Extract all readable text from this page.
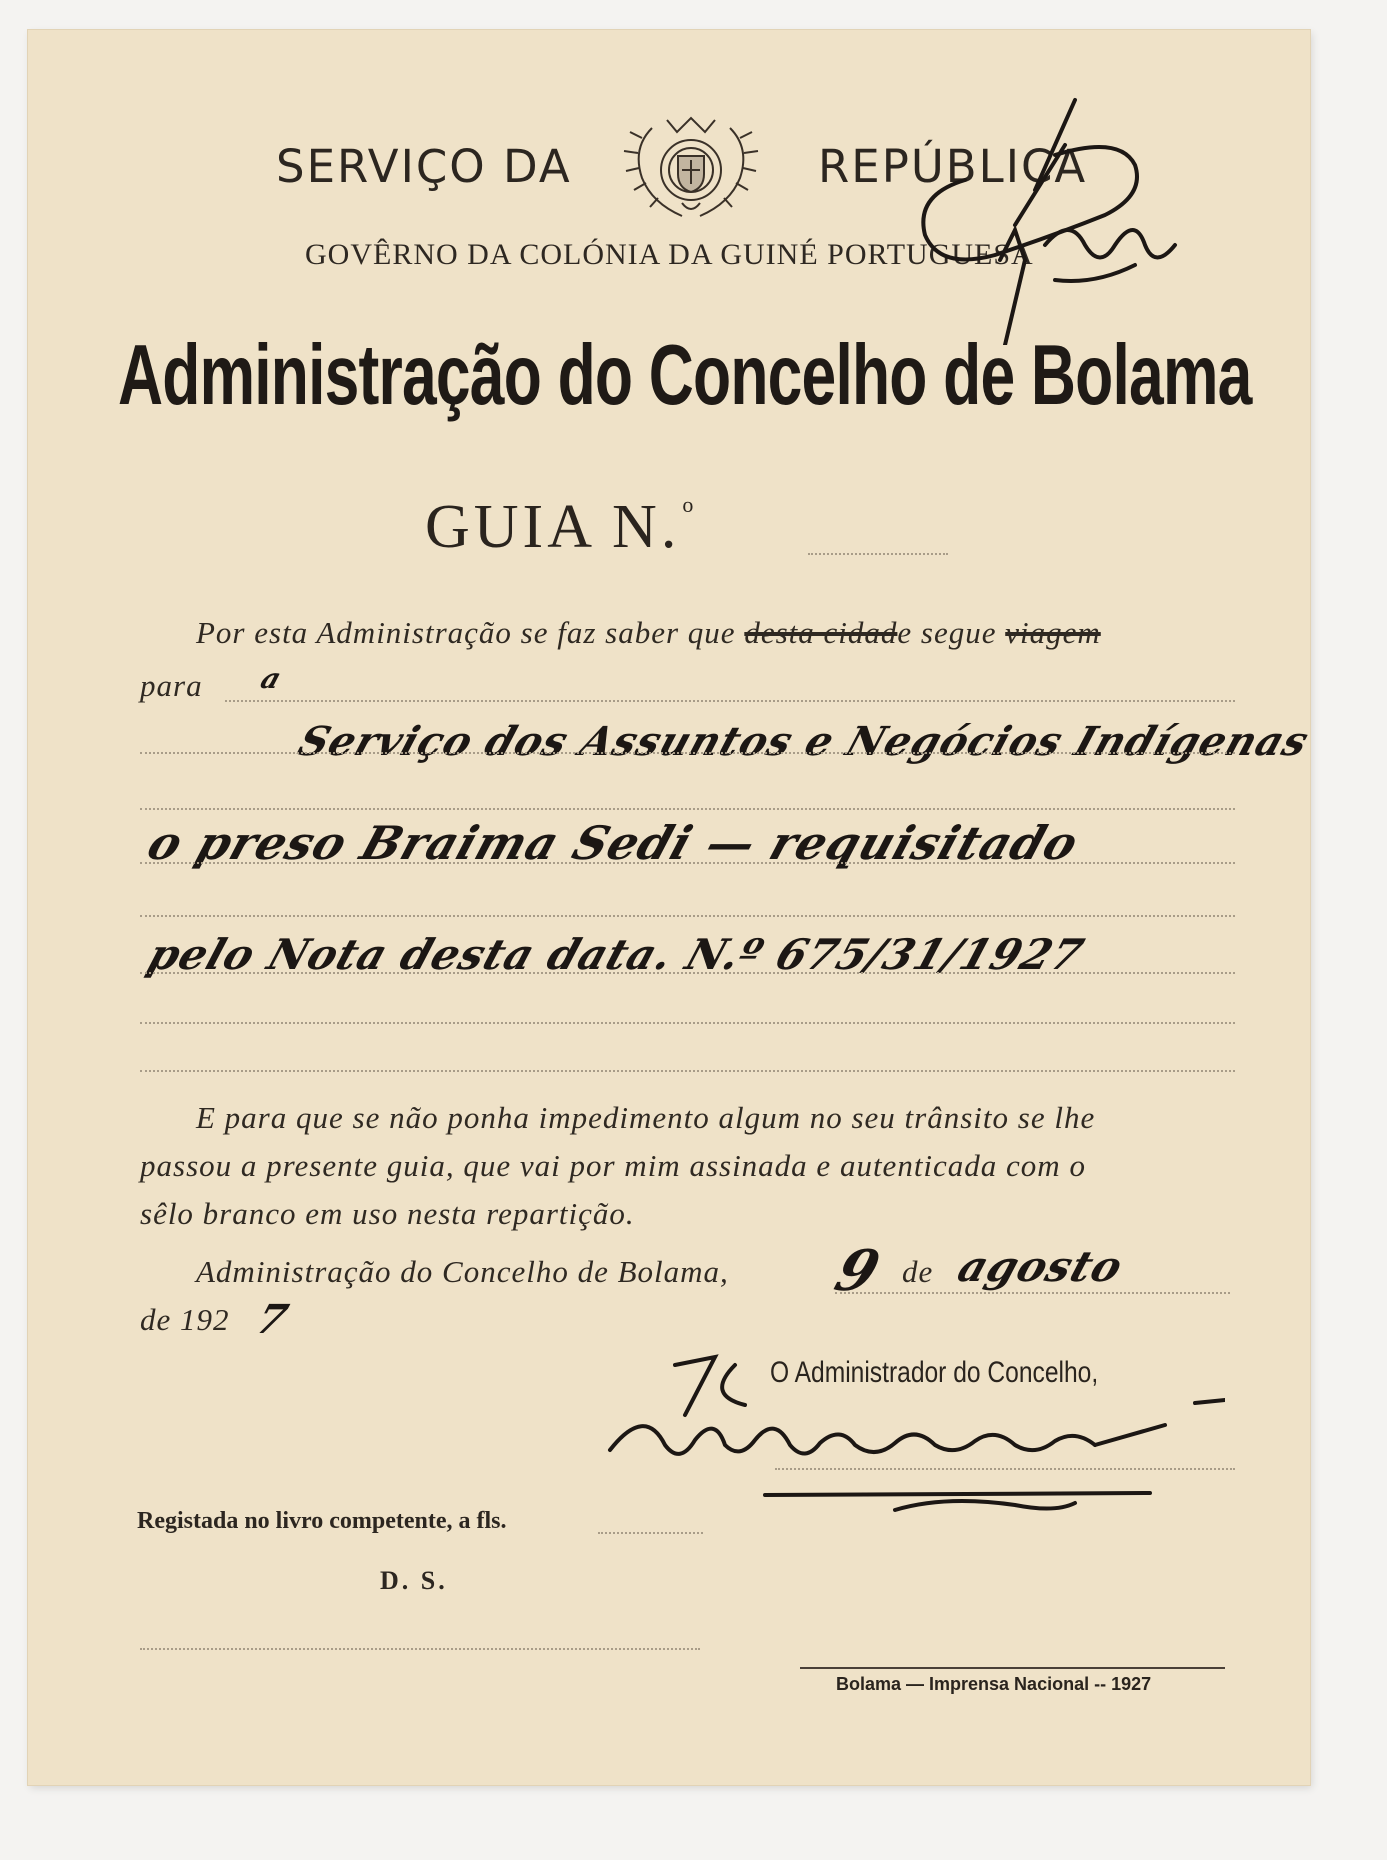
SERVIÇO DA	REPÚBLICA
GOVÊRNO DA COLÓNIA DA GUINÉ PORTUGUESA
Administração do Concelho de Bolama
GUIA N.$^o$
Por esta Administração se faz saber que desta cidade segue viagem
para a
Serviço dos Assuntos e Negócios Indígenas
o preso Braima Sedi — requisitado
pelo Nota desta data. N.º 675/31/1927
E para que se não ponha impedimento algum no seu trânsito se lhe
passou a presente guia, que vai por mim assinada e autenticada com o
sêlo branco em uso nesta repartição.
Administração do Concelho de Bolama, 9 de agosto
de 192 7
O Administrador do Concelho,
Registada no livro competente, a fls.
D. S.
Bolama — Imprensa Nacional -- 1927
